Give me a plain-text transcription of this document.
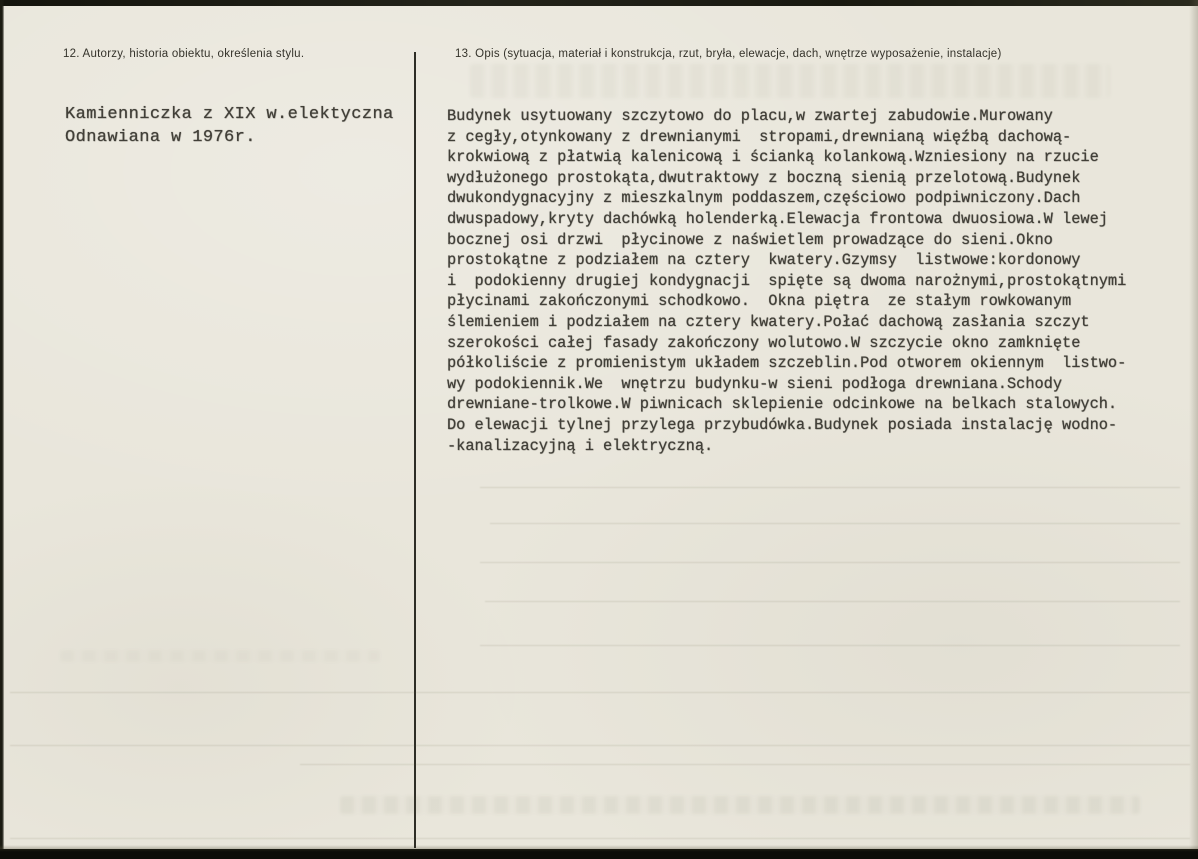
12. Autorzy, historia obiektu, określenia stylu.
Kamienniczka z XIX w.elektyczna
Odnawiana w 1976r.
13. Opis (sytuacja, materiał i konstrukcja, rzut, bryła, elewacje, dach, wnętrze wyposażenie, instalacje)
Budynek usytuowany szczytowo do placu,w zwartej zabudowie.Murowany
z cegły,otynkowany z drewnianymi  stropami,drewnianą więźbą dachową-
krokwiową z płatwią kalenicową i ścianką kolankową.Wzniesiony na rzucie
wydłużonego prostokąta,dwutraktowy z boczną sienią przelotową.Budynek
dwukondygnacyjny z mieszkalnym poddaszem,częściowo podpiwniczony.Dach
dwuspadowy,kryty dachówką holenderką.Elewacja frontowa dwuosiowa.W lewej
bocznej osi drzwi  płycinowe z naświetlem prowadzące do sieni.Okno
prostokątne z podziałem na cztery  kwatery.Gzymsy  listwowe:kordonowy
i  podokienny drugiej kondygnacji  spięte są dwoma narożnymi,prostokątnymi
płycinami zakończonymi schodkowo.  Okna piętra  ze stałym rowkowanym
ślemieniem i podziałem na cztery kwatery.Połać dachową zasłania szczyt
szerokości całej fasady zakończony wolutowo.W szczycie okno zamknięte
półkoliście z promienistym układem szczeblin.Pod otworem okiennym  listwo-
wy podokiennik.We  wnętrzu budynku-w sieni podłoga drewniana.Schody
drewniane-trolkowe.W piwnicach sklepienie odcinkowe na belkach stalowych.
Do elewacji tylnej przylega przybudówka.Budynek posiada instalację wodno-
-kanalizacyjną i elektryczną.
